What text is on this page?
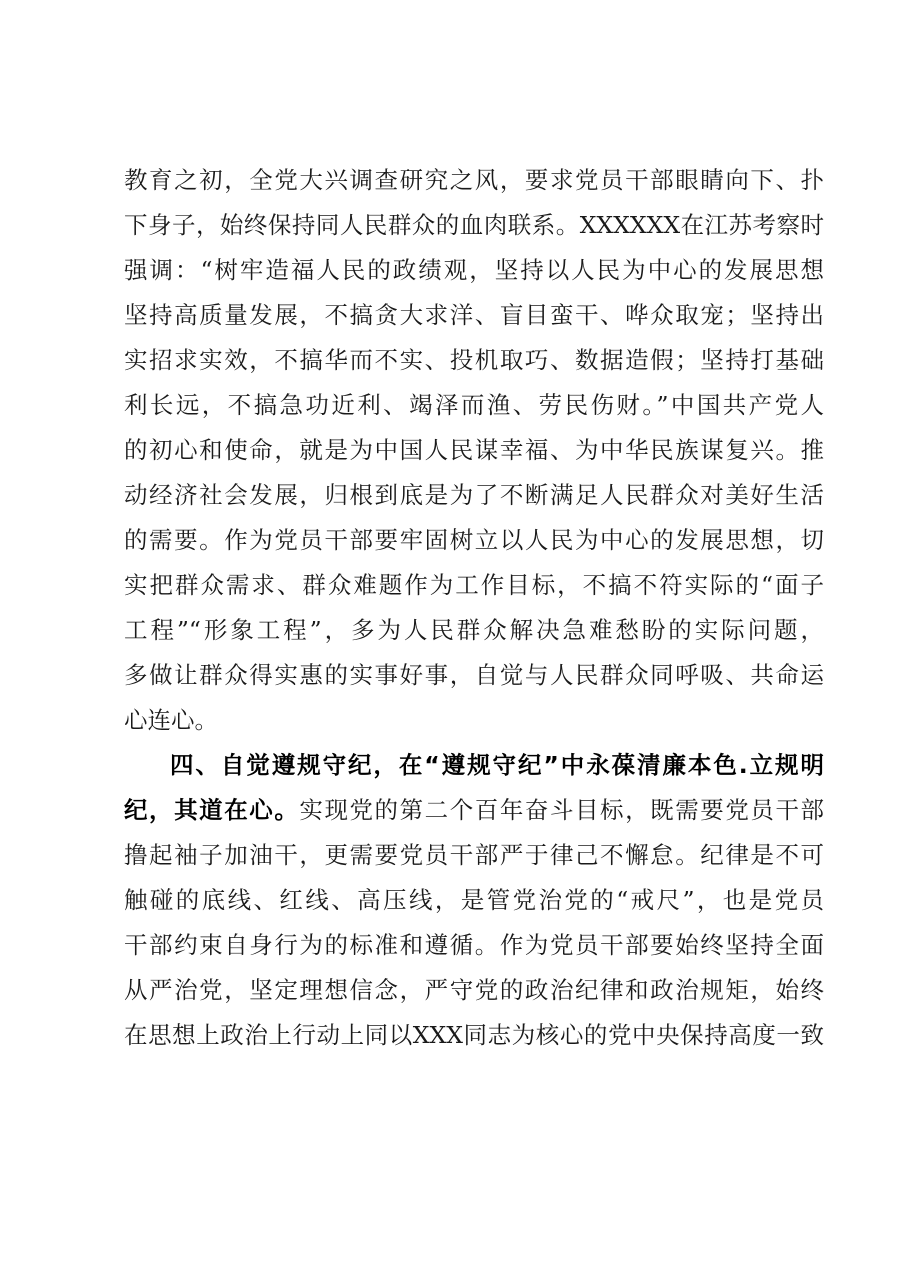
教育之初，全党大兴调查研究之风，要求党员干部眼睛向下、扑
下身子，始终保持同人民群众的血肉联系。XXXXXX在江苏考察时
强调：“树牢造福人民的政绩观，坚持以人民为中心的发展思想
坚持高质量发展，不搞贪大求洋、盲目蛮干、哗众取宠；坚持出
实招求实效，不搞华而不实、投机取巧、数据造假；坚持打基础
利长远，不搞急功近利、竭泽而渔、劳民伤财。”中国共产党人
的初心和使命，就是为中国人民谋幸福、为中华民族谋复兴。推
动经济社会发展，归根到底是为了不断满足人民群众对美好生活
的需要。作为党员干部要牢固树立以人民为中心的发展思想，切
实把群众需求、群众难题作为工作目标，不搞不符实际的“面子
工程”“形象工程”，多为人民群众解决急难愁盼的实际问题，
多做让群众得实惠的实事好事，自觉与人民群众同呼吸、共命运
心连心。
四、自觉遵规守纪，在“遵规守纪”中永葆清廉本色.立规明
纪，其道在心。实现党的第二个百年奋斗目标，既需要党员干部
撸起袖子加油干，更需要党员干部严于律己不懈怠。纪律是不可
触碰的底线、红线、高压线，是管党治党的“戒尺”，也是党员
干部约束自身行为的标准和遵循。作为党员干部要始终坚持全面
从严治党，坚定理想信念，严守党的政治纪律和政治规矩，始终
在思想上政治上行动上同以XXX同志为核心的党中央保持高度一致
